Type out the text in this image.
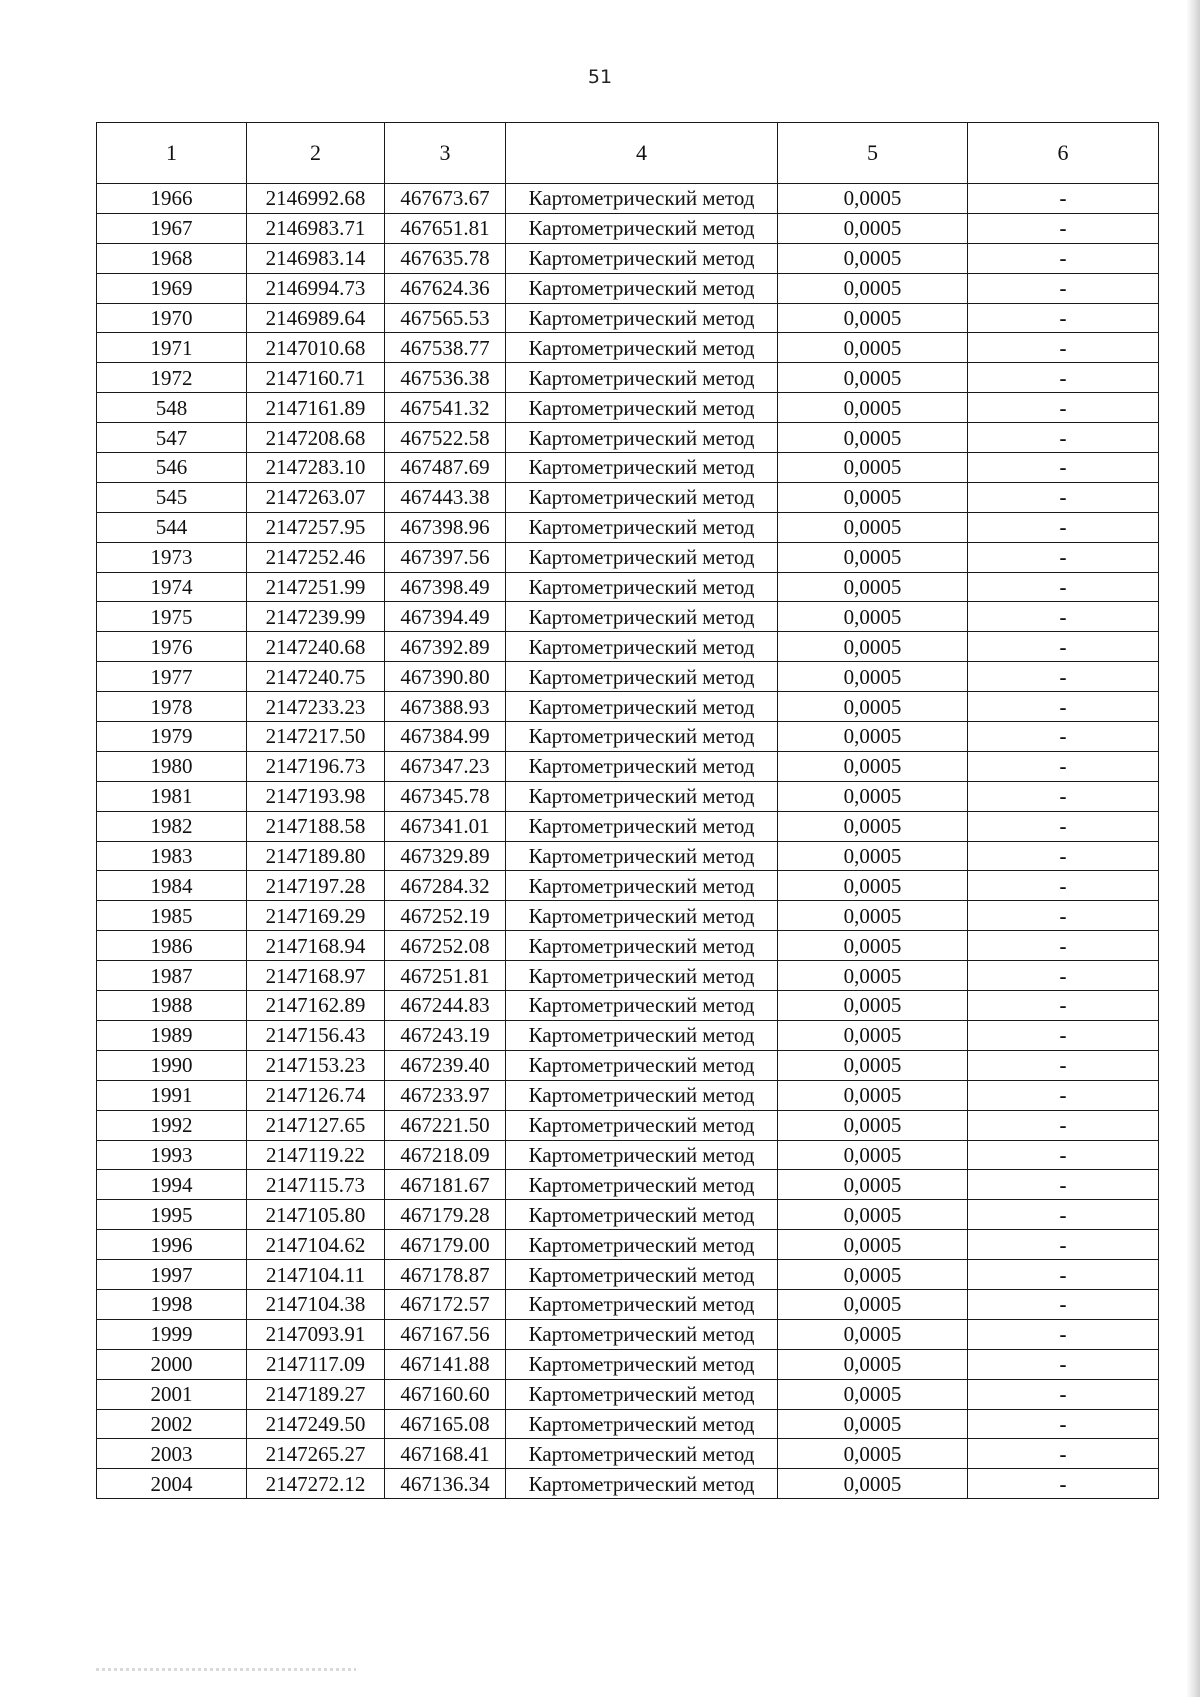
51
1	2	3	4	5	6
1966	2146992.68	467673.67	Картометрический метод	0,0005	-
1967	2146983.71	467651.81	Картометрический метод	0,0005	-
1968	2146983.14	467635.78	Картометрический метод	0,0005	-
1969	2146994.73	467624.36	Картометрический метод	0,0005	-
1970	2146989.64	467565.53	Картометрический метод	0,0005	-
1971	2147010.68	467538.77	Картометрический метод	0,0005	-
1972	2147160.71	467536.38	Картометрический метод	0,0005	-
548	2147161.89	467541.32	Картометрический метод	0,0005	-
547	2147208.68	467522.58	Картометрический метод	0,0005	-
546	2147283.10	467487.69	Картометрический метод	0,0005	-
545	2147263.07	467443.38	Картометрический метод	0,0005	-
544	2147257.95	467398.96	Картометрический метод	0,0005	-
1973	2147252.46	467397.56	Картометрический метод	0,0005	-
1974	2147251.99	467398.49	Картометрический метод	0,0005	-
1975	2147239.99	467394.49	Картометрический метод	0,0005	-
1976	2147240.68	467392.89	Картометрический метод	0,0005	-
1977	2147240.75	467390.80	Картометрический метод	0,0005	-
1978	2147233.23	467388.93	Картометрический метод	0,0005	-
1979	2147217.50	467384.99	Картометрический метод	0,0005	-
1980	2147196.73	467347.23	Картометрический метод	0,0005	-
1981	2147193.98	467345.78	Картометрический метод	0,0005	-
1982	2147188.58	467341.01	Картометрический метод	0,0005	-
1983	2147189.80	467329.89	Картометрический метод	0,0005	-
1984	2147197.28	467284.32	Картометрический метод	0,0005	-
1985	2147169.29	467252.19	Картометрический метод	0,0005	-
1986	2147168.94	467252.08	Картометрический метод	0,0005	-
1987	2147168.97	467251.81	Картометрический метод	0,0005	-
1988	2147162.89	467244.83	Картометрический метод	0,0005	-
1989	2147156.43	467243.19	Картометрический метод	0,0005	-
1990	2147153.23	467239.40	Картометрический метод	0,0005	-
1991	2147126.74	467233.97	Картометрический метод	0,0005	-
1992	2147127.65	467221.50	Картометрический метод	0,0005	-
1993	2147119.22	467218.09	Картометрический метод	0,0005	-
1994	2147115.73	467181.67	Картометрический метод	0,0005	-
1995	2147105.80	467179.28	Картометрический метод	0,0005	-
1996	2147104.62	467179.00	Картометрический метод	0,0005	-
1997	2147104.11	467178.87	Картометрический метод	0,0005	-
1998	2147104.38	467172.57	Картометрический метод	0,0005	-
1999	2147093.91	467167.56	Картометрический метод	0,0005	-
2000	2147117.09	467141.88	Картометрический метод	0,0005	-
2001	2147189.27	467160.60	Картометрический метод	0,0005	-
2002	2147249.50	467165.08	Картометрический метод	0,0005	-
2003	2147265.27	467168.41	Картометрический метод	0,0005	-
2004	2147272.12	467136.34	Картометрический метод	0,0005	-
